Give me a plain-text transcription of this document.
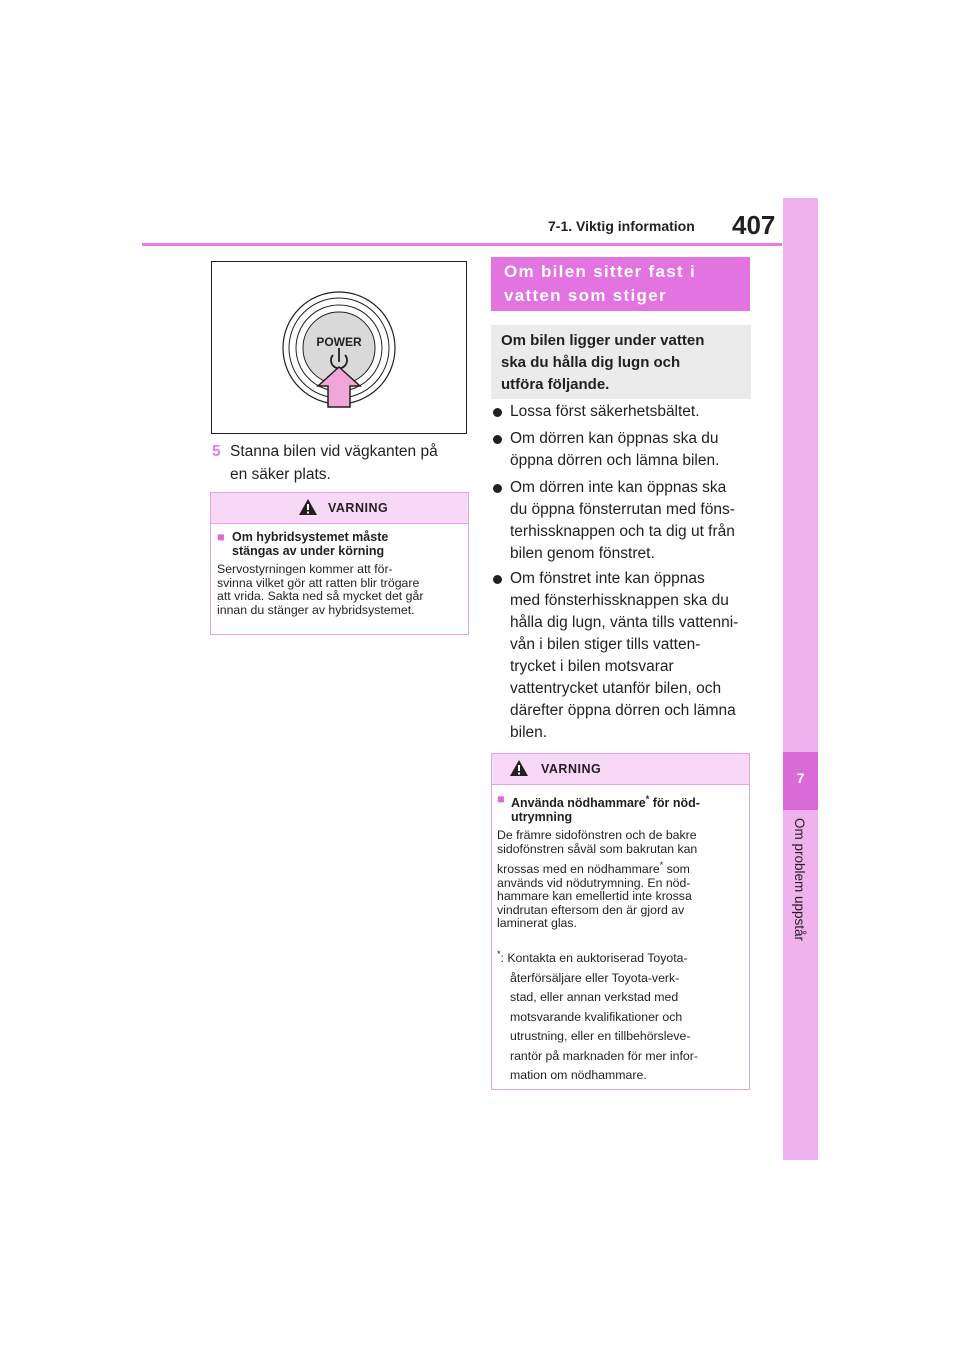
7-1. Viktig information 407
7
Om problem uppstår
POWER
5 Stanna bilen vid vägkanten på
en säker plats.
VARNING
■ Om hybridsystemet måste
stängas av under körning
Servostyrningen kommer att för-
svinna vilket gör att ratten blir trögare
att vrida. Sakta ned så mycket det går
innan du stänger av hybridsystemet.
Om bilen sitter fast i
vatten som stiger
Om bilen ligger under vatten
ska du hålla dig lugn och
utföra följande.
Lossa först säkerhetsbältet.
Om dörren kan öppnas ska du
öppna dörren och lämna bilen.
Om dörren inte kan öppnas ska
du öppna fönsterrutan med föns-
terhissknappen och ta dig ut från
bilen genom fönstret.
Om fönstret inte kan öppnas
med fönsterhissknappen ska du
hålla dig lugn, vänta tills vattenni-
vån i bilen stiger tills vatten-
trycket i bilen motsvarar
vattentrycket utanför bilen, och
därefter öppna dörren och lämna
bilen.
VARNING
■ Använda nödhammare* för nöd-
utrymning
De främre sidofönstren och de bakre
sidofönstren såväl som bakrutan kan
krossas med en nödhammare* som
används vid nödutrymning. En nöd-
hammare kan emellertid inte krossa
vindrutan eftersom den är gjord av
laminerat glas.
*: Kontakta en auktoriserad Toyota-
återförsäljare eller Toyota-verk-
stad, eller annan verkstad med
motsvarande kvalifikationer och
utrustning, eller en tillbehörsleve-
rantör på marknaden för mer infor-
mation om nödhammare.
